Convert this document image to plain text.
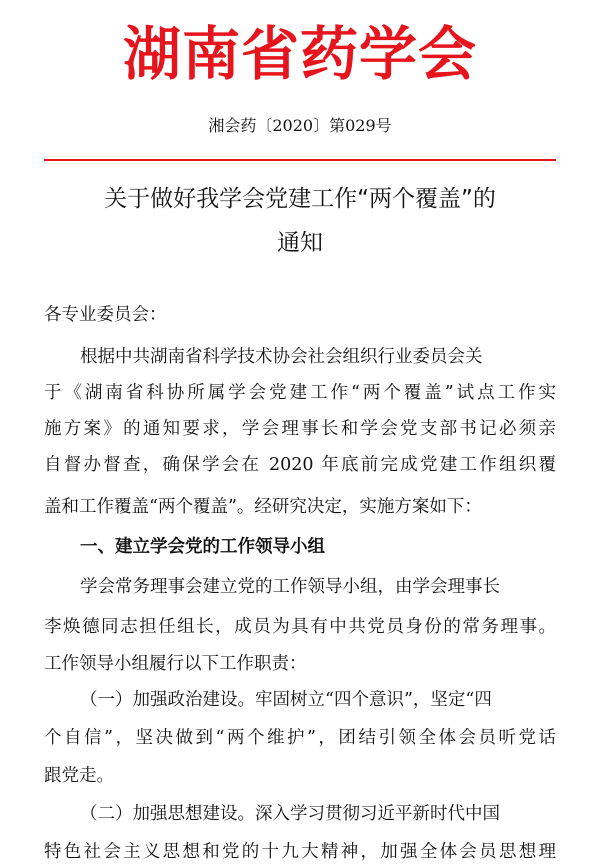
湖南省药学会
湘会药〔2020〕第029号
关于做好我学会党建工作“两个覆盖”的
通知
各专业委员会：
根据中共湖南省科学技术协会社会组织行业委员会关
于《湖南省科协所属学会党建工作“两个覆盖”试点工作实
施方案》的通知要求，学会理事长和学会党支部书记必须亲
自督办督查，确保学会在 2020 年底前完成党建工作组织覆
盖和工作覆盖“两个覆盖”。经研究决定，实施方案如下：
一、建立学会党的工作领导小组
学会常务理事会建立党的工作领导小组，由学会理事长
李焕德同志担任组长，成员为具有中共党员身份的常务理事。
工作领导小组履行以下工作职责：
（一）加强政治建设。牢固树立“四个意识”，坚定“四
个自信”，坚决做到“两个维护”，团结引领全体会员听党话
跟党走。
（二）加强思想建设。深入学习贯彻习近平新时代中国
特色社会主义思想和党的十九大精神，加强全体会员思想理
